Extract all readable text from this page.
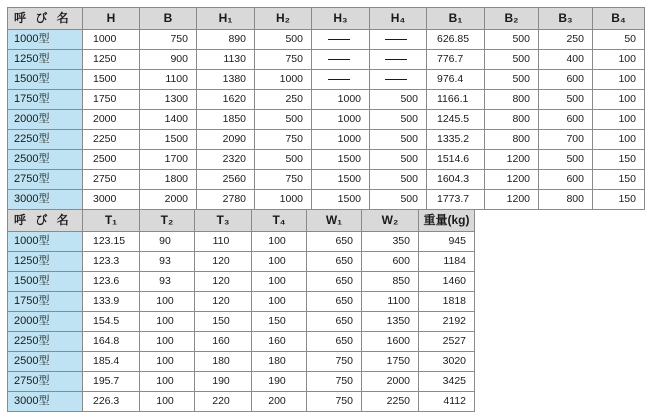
呼 び 名	H	B	H₁	H₂	H₃	H₄	B₁	B₂	B₃	B₄
1000型	1000	750	890	500			626.85	500	250	50
1250型	1250	900	1130	750			776.7	500	400	100
1500型	1500	1100	1380	1000			976.4	500	600	100
1750型	1750	1300	1620	250	1000	500	1166.1	800	500	100
2000型	2000	1400	1850	500	1000	500	1245.5	800	600	100
2250型	2250	1500	2090	750	1000	500	1335.2	800	700	100
2500型	2500	1700	2320	500	1500	500	1514.6	1200	500	150
2750型	2750	1800	2560	750	1500	500	1604.3	1200	600	150
3000型	3000	2000	2780	1000	1500	500	1773.7	1200	800	150
呼 び 名	T₁	T₂	T₃	T₄	W₁	W₂	重量(kg)
1000型	123.15	90	110	100	650	350	945
1250型	123.3	93	120	100	650	600	1184
1500型	123.6	93	120	100	650	850	1460
1750型	133.9	100	120	100	650	1100	1818
2000型	154.5	100	150	150	650	1350	2192
2250型	164.8	100	160	160	650	1600	2527
2500型	185.4	100	180	180	750	1750	3020
2750型	195.7	100	190	190	750	2000	3425
3000型	226.3	100	220	200	750	2250	4112
